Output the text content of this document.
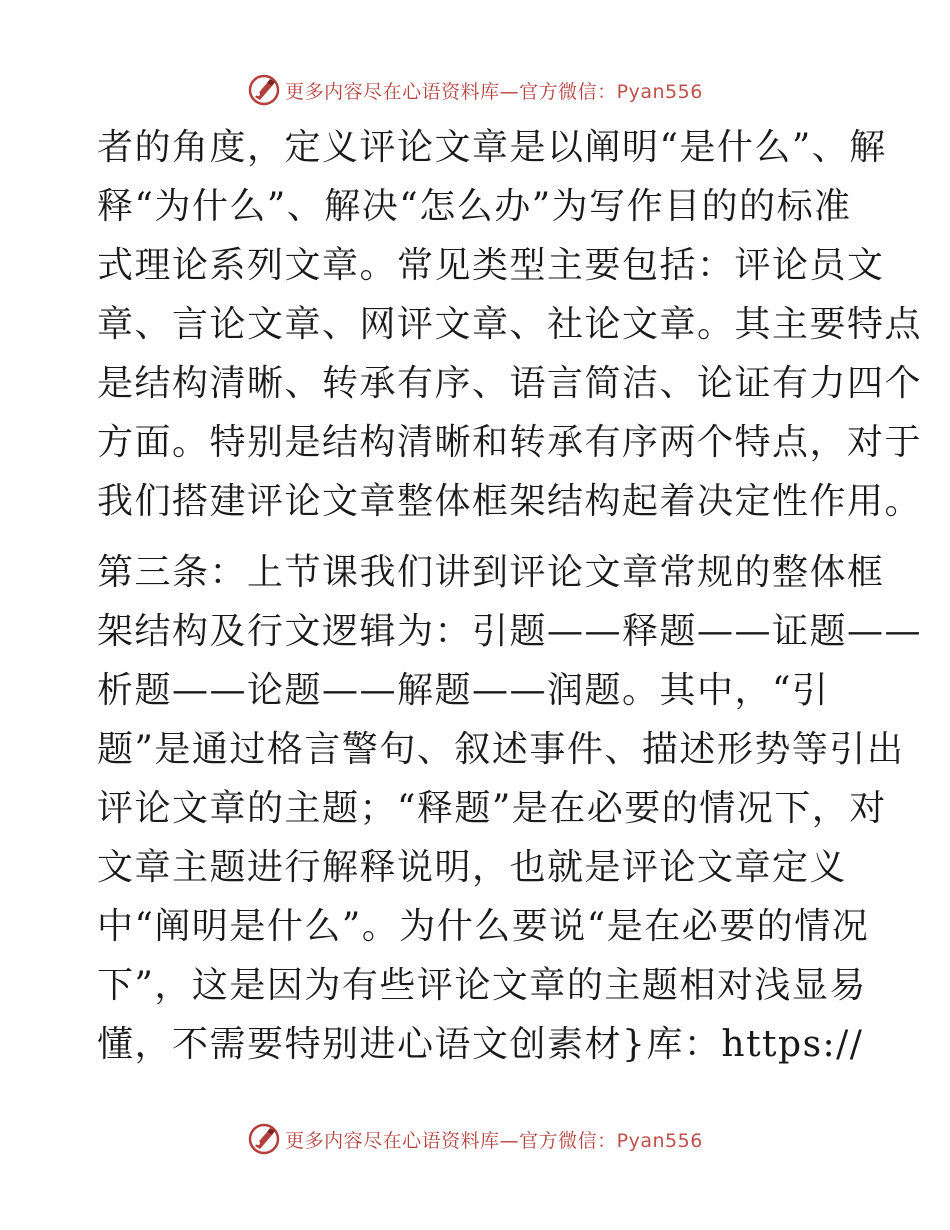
更多内容尽在心语资料库—官方微信：Pyan556
者的角度，定义评论文章是以阐明“是什么”、解
释“为什么”、解决“怎么办”为写作目的的标准
式理论系列文章。常见类型主要包括：评论员文
章、言论文章、网评文章、社论文章。其主要特点
是结构清晰、转承有序、语言简洁、论证有力四个
方面。特别是结构清晰和转承有序两个特点，对于
我们搭建评论文章整体框架结构起着决定性作用。
第三条：上节课我们讲到评论文章常规的整体框
架结构及行文逻辑为：引题——释题——证题——
析题——论题——解题——润题。其中，“引
题”是通过格言警句、叙述事件、描述形势等引出
评论文章的主题；“释题”是在必要的情况下，对
文章主题进行解释说明，也就是评论文章定义
中“阐明是什么”。为什么要说“是在必要的情况
下”，这是因为有些评论文章的主题相对浅显易
懂，不需要特别进心语文创素材}库：https://
更多内容尽在心语资料库—官方微信：Pyan556
